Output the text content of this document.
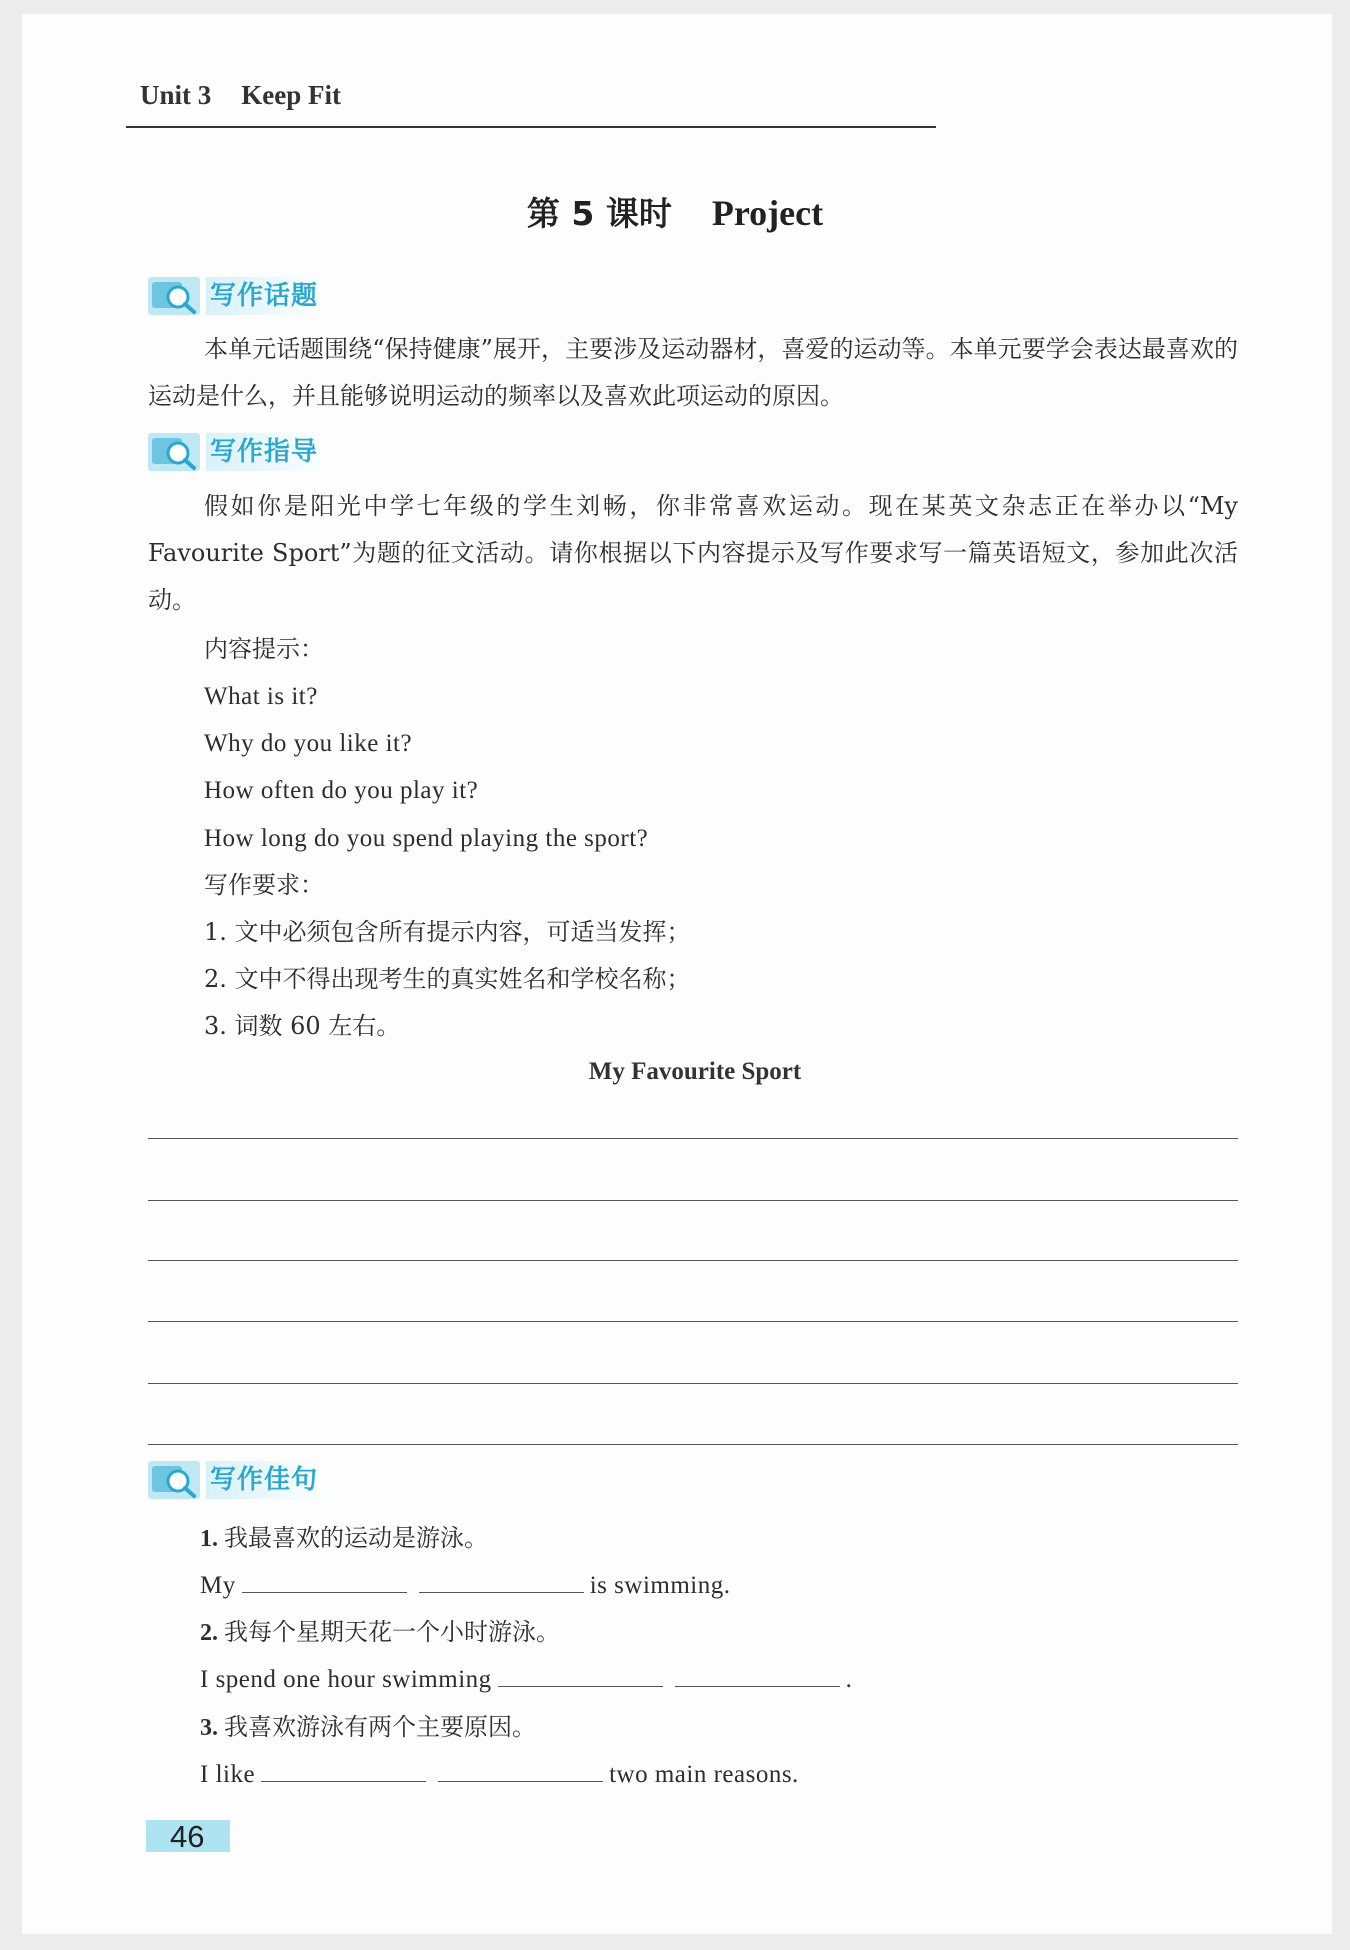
Unit 3 Keep Fit
第 5 课时 Project
写作话题
本单元话题围绕“保持健康”展开，主要涉及运动器材，喜爱的运动等。本单元要学会表达最喜欢的运动是什么，并且能够说明运动的频率以及喜欢此项运动的原因。
写作指导
假如你是阳光中学七年级的学生刘畅，你非常喜欢运动。现在某英文杂志正在举办以“My Favourite Sport”为题的征文活动。请你根据以下内容提示及写作要求写一篇英语短文，参加此次活动。
内容提示：
What is it?
Why do you like it?
How often do you play it?
How long do you spend playing the sport?
写作要求：
1. 文中必须包含所有提示内容，可适当发挥；
2. 文中不得出现考生的真实姓名和学校名称；
3. 词数 60 左右。
My Favourite Sport
写作佳句
1. 我最喜欢的运动是游泳。
My	is swimming.
2. 我每个星期天花一个小时游泳。
I spend one hour swimming	.
3. 我喜欢游泳有两个主要原因。
I like	two main reasons.
46
